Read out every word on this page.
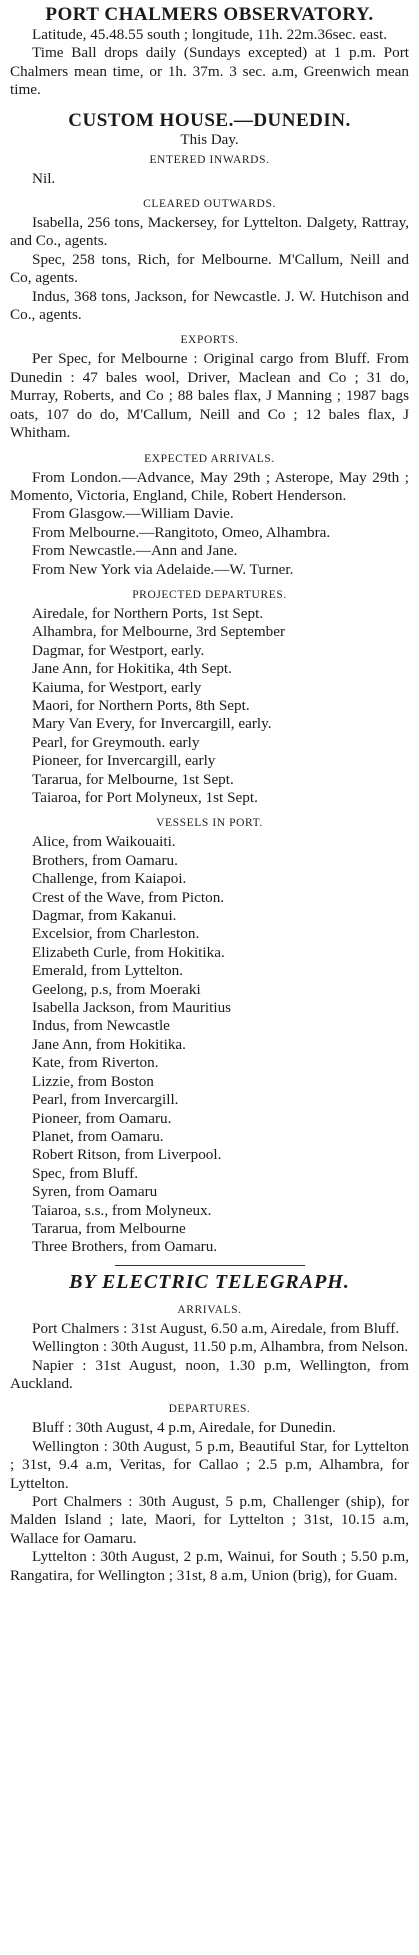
PORT CHALMERS OBSERVATORY.

Latitude, 45.48.55 south ; longitude, 11h. 22m.36sec. east.

Time Ball drops daily (Sundays excepted) at 1 p.m. Port Chalmers mean time, or 1h. 37m. 3 sec. a.m, Greenwich mean time.

CUSTOM HOUSE.—DUNEDIN.
This Day.
ENTERED INWARDS.

Nil.

CLEARED OUTWARDS.

Isabella, 256 tons, Mackersey, for Lyttelton. Dalgety, Rattray, and Co., agents.

Spec, 258 tons, Rich, for Melbourne. M'Callum, Neill and Co, agents.

Indus, 368 tons, Jackson, for Newcastle. J. W. Hutchison and Co., agents.

EXPORTS.

Per Spec, for Melbourne : Original cargo from Bluff. From Dunedin : 47 bales wool, Driver, Maclean and Co ; 31 do, Murray, Roberts, and Co ; 88 bales flax, J Manning ; 1987 bags oats, 107 do do, M'Callum, Neill and Co ; 12 bales flax, J Whitham.

EXPECTED ARRIVALS.

From London.—Advance, May 29th ; Asterope, May 29th ; Momento, Victoria, England, Chile, Robert Henderson.

From Glasgow.—William Davie.

From Melbourne.—Rangitoto, Omeo, Alhambra.

From Newcastle.—Ann and Jane.

From New York via Adelaide.—W. Turner.

PROJECTED DEPARTURES.

Airedale, for Northern Ports, 1st Sept.

Alhambra, for Melbourne, 3rd September

Dagmar, for Westport, early.

Jane Ann, for Hokitika, 4th Sept.

Kaiuma, for Westport, early

Maori, for Northern Ports, 8th Sept.

Mary Van Every, for Invercargill, early.

Pearl, for Greymouth. early

Pioneer, for Invercargill, early

Tararua, for Melbourne, 1st Sept.

Taiaroa, for Port Molyneux, 1st Sept.

VESSELS IN PORT.

Alice, from Waikouaiti.

Brothers, from Oamaru.

Challenge, from Kaiapoi.

Crest of the Wave, from Picton.

Dagmar, from Kakanui.

Excelsior, from Charleston.

Elizabeth Curle, from Hokitika.

Emerald, from Lyttelton.

Geelong, p.s, from Moeraki

Isabella Jackson, from Mauritius

Indus, from Newcastle

Jane Ann, from Hokitika.

Kate, from Riverton.

Lizzie, from Boston

Pearl, from Invercargill.

Pioneer, from Oamaru.

Planet, from Oamaru.

Robert Ritson, from Liverpool.

Spec, from Bluff.

Syren, from Oamaru

Taiaroa, s.s., from Molyneux.

Tararua, from Melbourne

Three Brothers, from Oamaru.

BY ELECTRIC TELEGRAPH.
ARRIVALS.

Port Chalmers : 31st August, 6.50 a.m, Airedale, from Bluff.

Wellington : 30th August, 11.50 p.m, Alhambra, from Nelson.

Napier : 31st August, noon, 1.30 p.m, Wellington, from Auckland.

DEPARTURES.

Bluff : 30th August, 4 p.m, Airedale, for Dunedin.

Wellington : 30th August, 5 p.m, Beautiful Star, for Lyttelton ; 31st, 9.4 a.m, Veritas, for Callao ; 2.5 p.m, Alhambra, for Lyttelton.

Port Chalmers : 30th August, 5 p.m, Challenger (ship), for Malden Island ; late, Maori, for Lyttelton ; 31st, 10.15 a.m, Wallace for Oamaru.

Lyttelton : 30th August, 2 p.m, Wainui, for South ; 5.50 p.m, Rangatira, for Wellington ; 31st, 8 a.m, Union (brig), for Guam.
